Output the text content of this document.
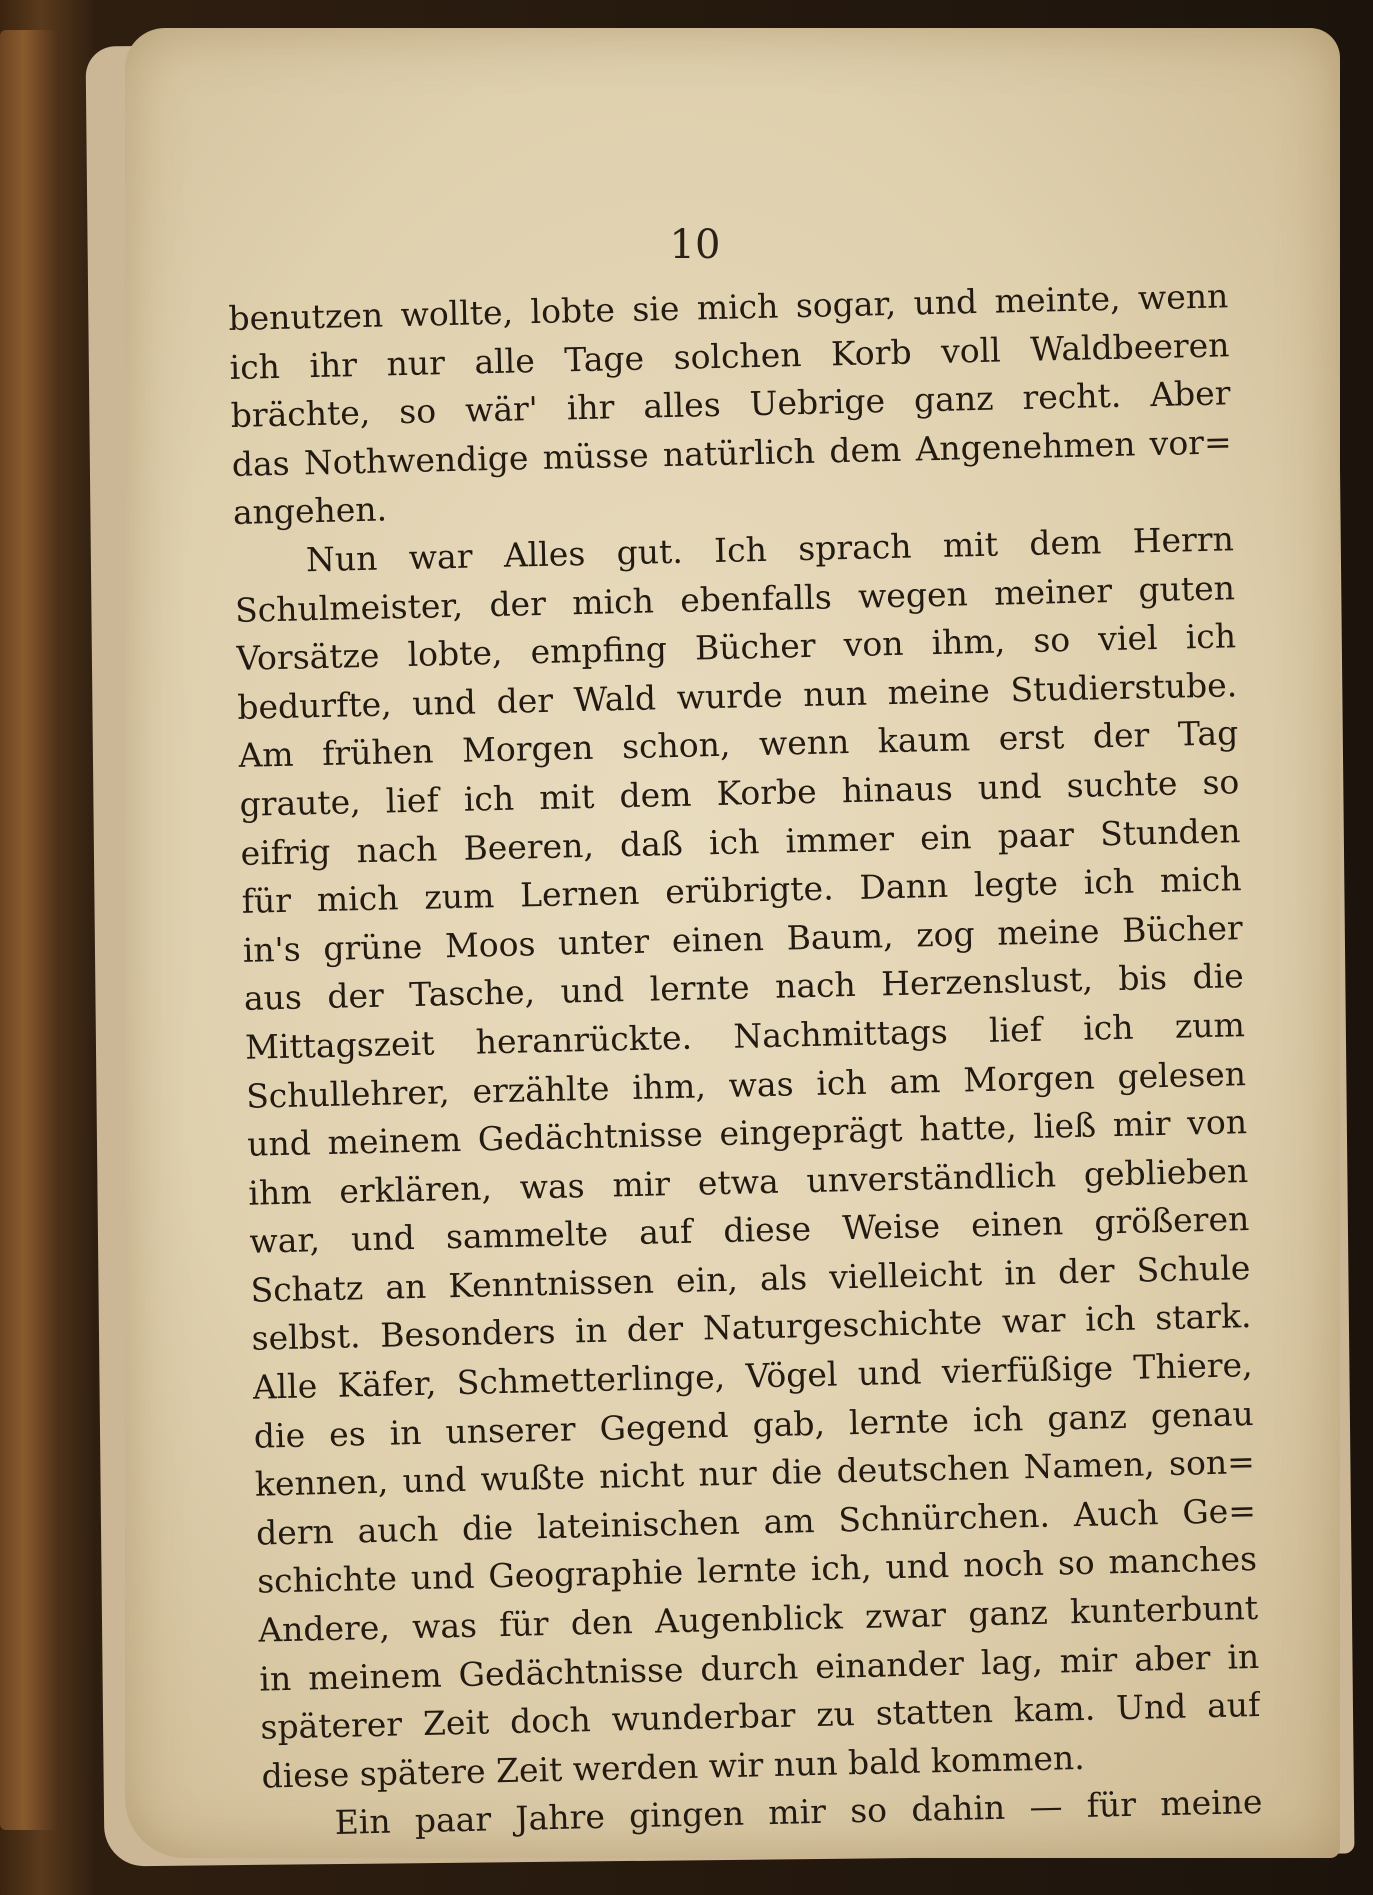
10
benutzen wollte, lobte sie mich sogar, und meinte, wenn
ich ihr nur alle Tage solchen Korb voll Waldbeeren
brächte, so wär' ihr alles Uebrige ganz recht. Aber
das Nothwendige müsse natürlich dem Angenehmen vor=
angehen.
Nun war Alles gut. Ich sprach mit dem Herrn
Schulmeister, der mich ebenfalls wegen meiner guten
Vorsätze lobte, empfing Bücher von ihm, so viel ich
bedurfte, und der Wald wurde nun meine Studierstube.
Am frühen Morgen schon, wenn kaum erst der Tag
graute, lief ich mit dem Korbe hinaus und suchte so
eifrig nach Beeren, daß ich immer ein paar Stunden
für mich zum Lernen erübrigte. Dann legte ich mich
in's grüne Moos unter einen Baum, zog meine Bücher
aus der Tasche, und lernte nach Herzenslust, bis die
Mittagszeit heranrückte. Nachmittags lief ich zum
Schullehrer, erzählte ihm, was ich am Morgen gelesen
und meinem Gedächtnisse eingeprägt hatte, ließ mir von
ihm erklären, was mir etwa unverständlich geblieben
war, und sammelte auf diese Weise einen größeren
Schatz an Kenntnissen ein, als vielleicht in der Schule
selbst. Besonders in der Naturgeschichte war ich stark.
Alle Käfer, Schmetterlinge, Vögel und vierfüßige Thiere,
die es in unserer Gegend gab, lernte ich ganz genau
kennen, und wußte nicht nur die deutschen Namen, son=
dern auch die lateinischen am Schnürchen. Auch Ge=
schichte und Geographie lernte ich, und noch so manches
Andere, was für den Augenblick zwar ganz kunterbunt
in meinem Gedächtnisse durch einander lag, mir aber in
späterer Zeit doch wunderbar zu statten kam. Und auf
diese spätere Zeit werden wir nun bald kommen.
Ein paar Jahre gingen mir so dahin — für meine
